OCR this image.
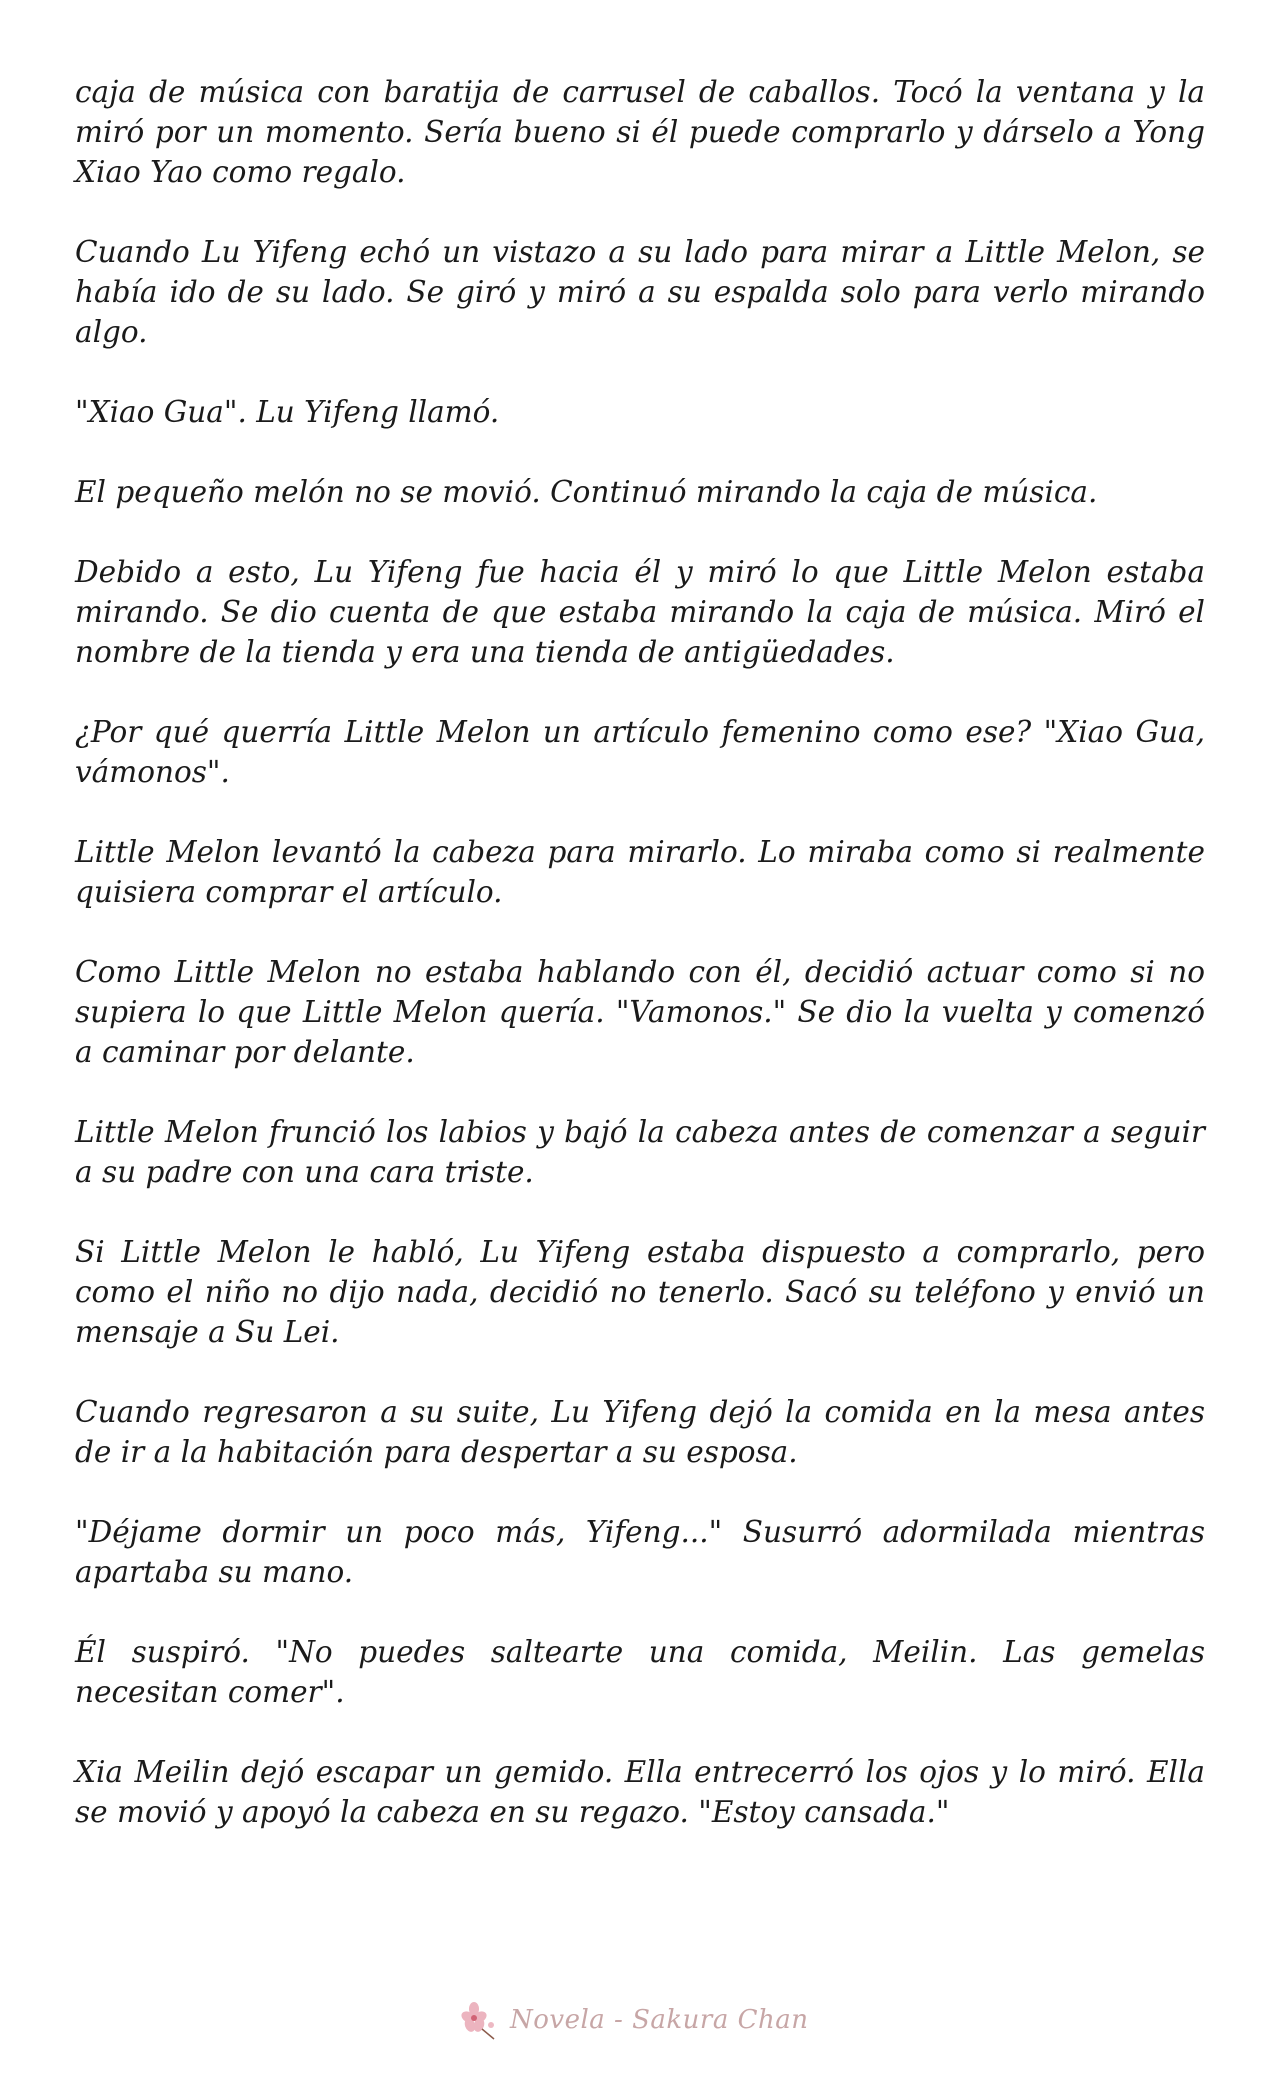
caja de música con baratija de carrusel de caballos. Tocó la ventana y la miró por un momento. Sería bueno si él puede comprarlo y dárselo a Yong Xiao Yao como regalo.

Cuando Lu Yifeng echó un vistazo a su lado para mirar a Little Melon, se había ido de su lado. Se giró y miró a su espalda solo para verlo mirando algo.

"Xiao Gua". Lu Yifeng llamó.

El pequeño melón no se movió. Continuó mirando la caja de música.

Debido a esto, Lu Yifeng fue hacia él y miró lo que Little Melon estaba mirando. Se dio cuenta de que estaba mirando la caja de música. Miró el nombre de la tienda y era una tienda de antigüedades.

¿Por qué querría Little Melon un artículo femenino como ese? "Xiao Gua, vámonos".

Little Melon levantó la cabeza para mirarlo. Lo miraba como si realmente quisiera comprar el artículo.

Como Little Melon no estaba hablando con él, decidió actuar como si no supiera lo que Little Melon quería. "Vamonos." Se dio la vuelta y comenzó a caminar por delante.

Little Melon frunció los labios y bajó la cabeza antes de comenzar a seguir a su padre con una cara triste.

Si Little Melon le habló, Lu Yifeng estaba dispuesto a comprarlo, pero como el niño no dijo nada, decidió no tenerlo. Sacó su teléfono y envió un mensaje a Su Lei.

Cuando regresaron a su suite, Lu Yifeng dejó la comida en la mesa antes de ir a la habitación para despertar a su esposa.

"Déjame dormir un poco más, Yifeng..." Susurró adormilada mientras apartaba su mano.

Él suspiró. "No puedes saltearte una comida, Meilin. Las gemelas necesitan comer".

Xia Meilin dejó escapar un gemido. Ella entrecerró los ojos y lo miró. Ella se movió y apoyó la cabeza en su regazo. "Estoy cansada."

Novela - Sakura Chan
